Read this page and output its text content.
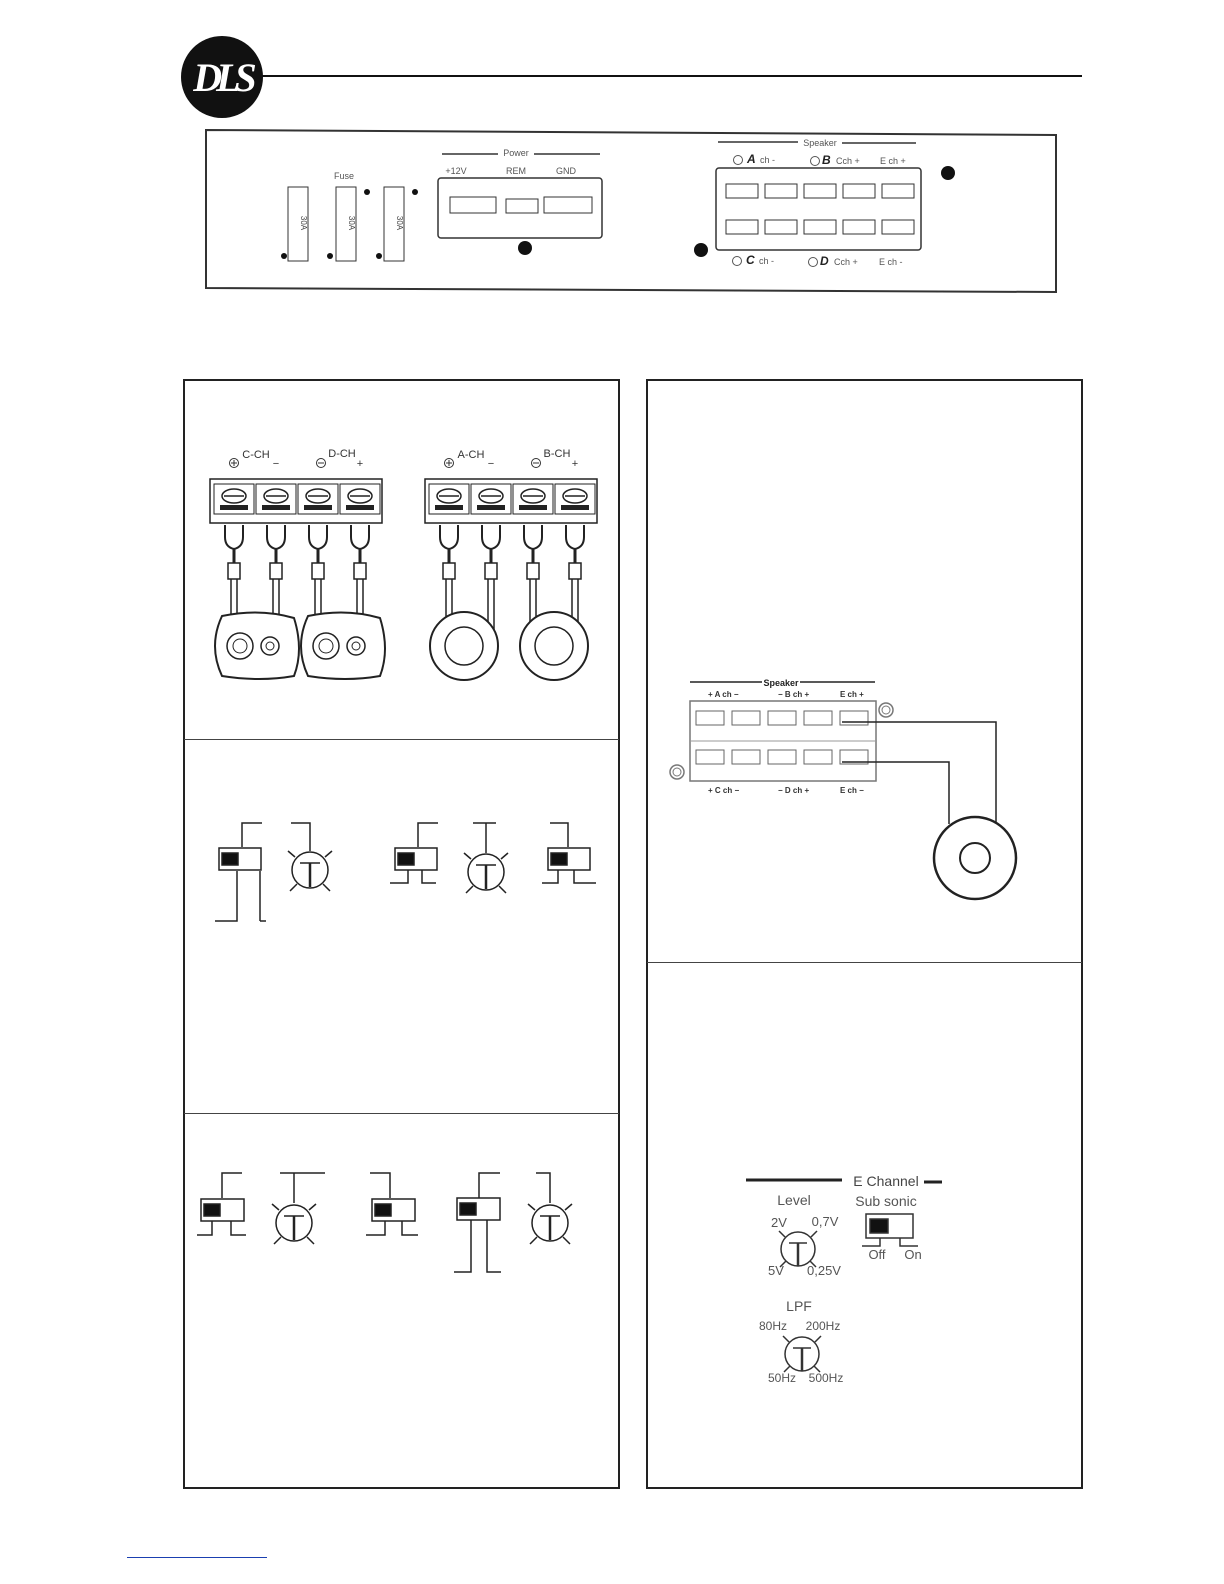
DLS
Fuse
30A	30A	30A
Power
+12V	REM	GND
Speaker
A ch -	B Cch + E ch +
C ch -	D Cch + E ch -
C-CH
−
D-CH
+
A-CH
−
B-CH
+
Speaker
+ A ch −	− B ch +	E ch +
+ C ch −	− D ch +	E ch −
E Channel
Level	Sub sonic
2V 0,7V
5V 0,25V
Off On
LPF
80Hz 200Hz
50Hz 500Hz
